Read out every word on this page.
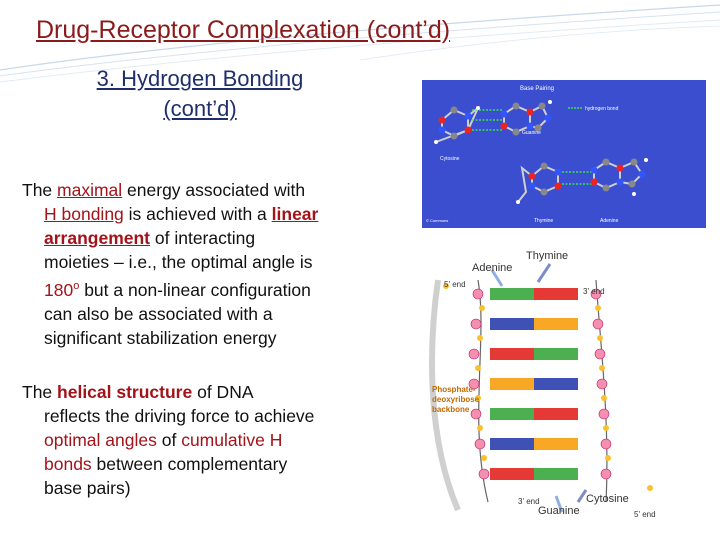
Drug-Receptor Complexation (cont’d)
3. Hydrogen Bonding
(cont’d)
The maximal energy associated with
H bonding is achieved with a linear
arrangement of interacting
moieties – i.e., the optimal angle is
180$^o$ but a non-linear configuration
can also be associated with a
significant stabilization energy
The helical structure of DNA
reflects the driving force to achieve
optimal angles of cumulative H
bonds between complementary
base pairs)
Base Pairing
hydrogen bond
Guanine
Cytosine
Thymine	Adenine
© Commons
Thymine
Adenine
5' end
3' end
Phosphate-
deoxyribose
backbone
Cytosine
Guanine
3' end
5' end
